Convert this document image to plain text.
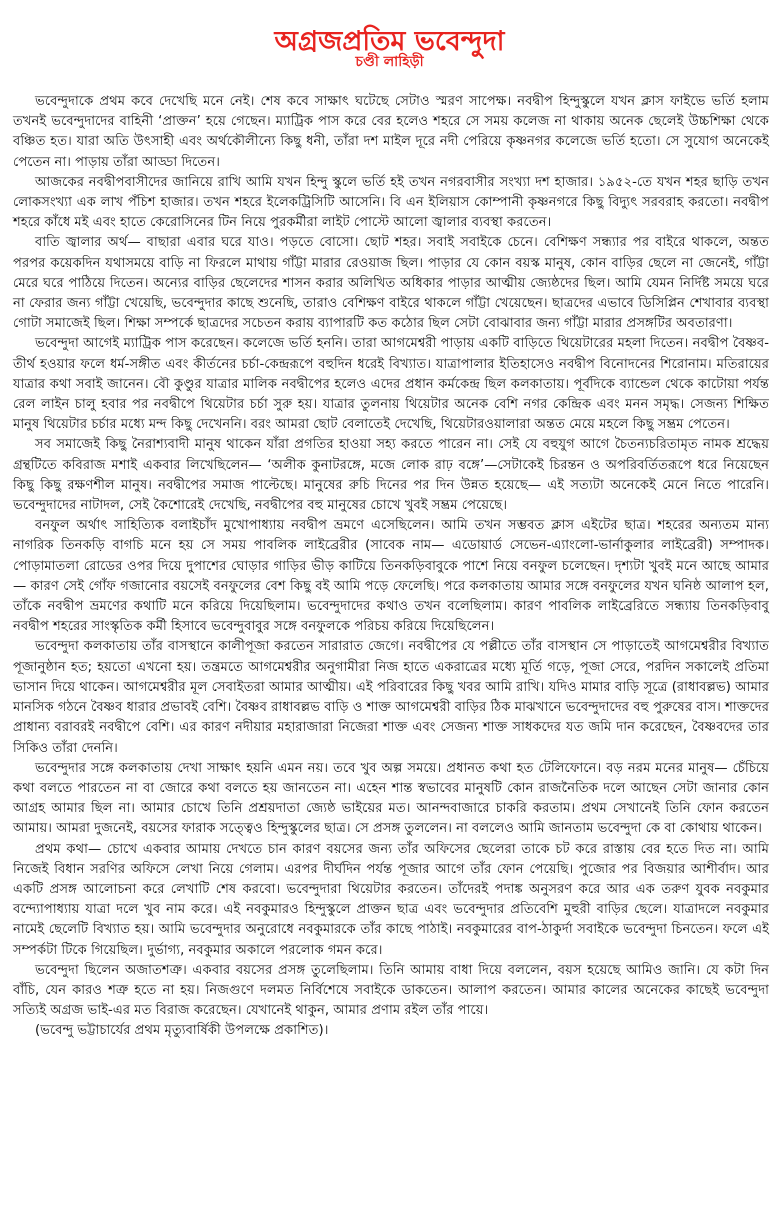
অগ্রজপ্রতিম ভবেন্দুদা
চণ্ডী লাহিড়ী

ভবেন্দুদাকে প্রথম কবে দেখেছি মনে নেই। শেষ কবে সাক্ষাৎ ঘটেছে সেটাও স্মরণ সাপেক্ষ। নবদ্বীপ হিন্দুস্কুলে যখন ক্লাস ফাইভে ভর্তি হলাম তখনই ভবেন্দুদাদের বাহিনী ‘প্রাক্তন’ হয়ে গেছেন। ম্যাট্রিক পাস করে বের হলেও শহরে সে সময় কলেজ না থাকায় অনেক ছেলেই উচ্চশিক্ষা থেকে বঞ্চিত হত। যারা অতি উৎসাহী এবং অর্থকৌলীন্যে কিছু ধনী, তাঁরা দশ মাইল দূরে নদী পেরিয়ে কৃষ্ণনগর কলেজে ভর্তি হতো। সে সুযোগ অনেকেই পেতেন না। পাড়ায় তাঁরা আড্ডা দিতেন।

আজকের নবদ্বীপবাসীদের জানিয়ে রাখি আমি যখন হিন্দু স্কুলে ভর্তি হই তখন নগরবাসীর সংখ্যা দশ হাজার। ১৯৫২-তে যখন শহর ছাড়ি তখন লোকসংখ্যা এক লাখ পঁচিশ হাজার। তখন শহরে ইলেকট্রিসিটি আসেনি। বি এন ইলিয়াস কোম্পানী কৃষ্ণনগরে কিছু বিদ্যুৎ সরবরাহ করতো। নবদ্বীপ শহরে কাঁধে মই এবং হাতে কেরোসিনের টিন নিয়ে পুরকর্মীরা লাইট পোস্টে আলো জ্বালার ব্যবস্থা করতেন।

বাতি জ্বালার অর্থ— বাছারা এবার ঘরে যাও। পড়তে বোসো। ছোট শহর। সবাই সবাইকে চেনে। বেশিক্ষণ সন্ধ্যার পর বাইরে থাকলে, অন্তত পরপর কয়েকদিন যথাসময়ে বাড়ি না ফিরলে মাথায় গাঁট্টা মারার রেওয়াজ ছিল। পাড়ার যে কোন বয়স্ক মানুষ, কোন বাড়ির ছেলে না জেনেই, গাঁট্টা মেরে ঘরে পাঠিয়ে দিতেন। অন্যের বাড়ির ছেলেদের শাসন করার অলিখিত অধিকার পাড়ার আত্মীয় জ্যেষ্ঠদের ছিল। আমি যেমন নির্দিষ্ট সময়ে ঘরে না ফেরার জন্য গাঁট্টা খেয়েছি, ভবেন্দুদার কাছে শুনেছি, তারাও বেশিক্ষণ বাইরে থাকলে গাঁট্টা খেয়েছেন। ছাত্রদের এভাবে ডিসিপ্লিন শেখাবার ব্যবস্থা গোটা সমাজেই ছিল। শিক্ষা সম্পর্কে ছাত্রদের সচেতন করায় ব্যাপারটি কত কঠোর ছিল সেটা বোঝাবার জন্য গাঁট্টা মারার প্রসঙ্গটির অবতারণা।

ভবেন্দুদা আগেই ম্যাট্রিক পাস করেছেন। কলেজে ভর্তি হননি। তারা আগমেশ্বরী পাড়ায় একটি বাড়িতে থিয়েটারের মহলা দিতেন। নবদ্বীপ বৈষ্ণব-তীর্থ হওয়ার ফলে ধর্ম-সঙ্গীত এবং কীর্তনের চর্চা-কেন্দ্ররূপে বহুদিন ধরেই বিখ্যাত। যাত্রাপালার ইতিহাসেও নবদ্বীপ বিনোদনের শিরোনাম। মতিরায়ের যাত্রার কথা সবাই জানেন। বৌ কুণ্ডুর যাত্রার মালিক নবদ্বীপের হলেও এদের প্রধান কর্মকেন্দ্র ছিল কলকাতায়। পূর্বদিকে ব্যান্ডেল থেকে কাটোয়া পর্যন্ত রেল লাইন চালু হবার পর নবদ্বীপে থিয়েটার চর্চা সুরু হয়। যাত্রার তুলনায় থিয়েটার অনেক বেশি নগর কেন্দ্রিক এবং মনন সমৃদ্ধ। সেজন্য শিক্ষিত মানুষ থিয়েটার চর্চার মধ্যে মন্দ কিছু দেখেননি। বরং আমরা ছোট বেলাতেই দেখেছি, থিয়েটারওয়ালারা অন্তত মেয়ে মহলে কিছু সম্ভ্রম পেতেন।

সব সমাজেই কিছু নৈরাশ্যবাদী মানুষ থাকেন যাঁরা প্রগতির হাওয়া সহ্য করতে পারেন না। সেই যে বহুযুগ আগে চৈতন্যচরিতামৃত নামক শ্রদ্ধেয় গ্রন্থটিতে কবিরাজ মশাই একবার লিখেছিলেন— ‘অলীক কুনাটরঙ্গে, মজে লোক রাঢ় বঙ্গে’—সেটাকেই চিরন্তন ও অপরিবর্তিতরূপে ধরে নিয়েছেন কিছু কিছু রক্ষণশীল মানুষ। নবদ্বীপের সমাজ পাল্টেছে। মানুষের রুচি দিনের পর দিন উন্নত হয়েছে— এই সত্যটা অনেকেই মেনে নিতে পারেনি। ভবেন্দুদাদের নাটাদল, সেই কৈশোরেই দেখেছি, নবদ্বীপের বহু মানুষের চোখে খুবই সম্ভ্রম পেয়েছে।

বনফুল অর্থাৎ সাহিত্যিক বলাইচাঁদ মুখোপাধ্যায় নবদ্বীপ ভ্রমণে এসেছিলেন। আমি তখন সম্ভবত ক্লাস এইটের ছাত্র। শহরের অন্যতম মান্য নাগরিক তিনকড়ি বাগচি মনে হয় সে সময় পাবলিক লাইব্রেরীর (সাবেক নাম— এডোয়ার্ড সেভেন-এ্যাংলো-ভার্নাকুলার লাইব্রেরী) সম্পাদক। পোড়ামাতলা রোডের ওপর দিয়ে দুপাশের ঘোড়ার গাড়ির ভীড় কাটিয়ে তিনকড়িবাবুকে পাশে নিয়ে বনফুল চলেছেন। দৃশ্যটা খুবই মনে আছে আমার— কারণ সেই গোঁফ গজানোর বয়সেই বনফুলের বেশ কিছু বই আমি পড়ে ফেলেছি। পরে কলকাতায় আমার সঙ্গে বনফুলের যখন ঘনিষ্ঠ আলাপ হল, তাঁকে নবদ্বীপ ভ্রমণের কথাটি মনে করিয়ে দিয়েছিলাম। ভবেন্দুদাদের কথাও তখন বলেছিলাম। কারণ পাবলিক লাইব্রেরিতে সন্ধ্যায় তিনকড়িবাবু নবদ্বীপ শহরের সাংস্কৃতিক কর্মী হিসাবে ভবেন্দুবাবুর সঙ্গে বনফুলকে পরিচয় করিয়ে দিয়েছিলেন।

ভবেন্দুদা কলকাতায় তাঁর বাসস্থানে কালীপূজা করতেন সারারাত জেগে। নবদ্বীপের যে পল্লীতে তাঁর বাসস্থান সে পাড়াতেই আগমেশ্বরীর বিখ্যাত পূজানুষ্ঠান হত; হয়তো এখনো হয়। তন্ত্রমতে আগমেশ্বরীর অনুগামীরা নিজ হাতে একরাত্রের মধ্যে মূর্তি গড়ে, পূজা সেরে, পরদিন সকালেই প্রতিমা ভাসান দিয়ে থাকেন। আগমেশ্বরীর মূল সেবাইতরা আমার আত্মীয়। এই পরিবারের কিছু খবর আমি রাখি। যদিও মামার বাড়ি সূত্রে (রাধাবল্লভ) আমার মানসিক গঠনে বৈষ্ণব ধারার প্রভাবই বেশি। বৈষ্ণব রাধাবল্লভ বাড়ি ও শাক্ত আগমেশ্বরী বাড়ির ঠিক মাঝখানে ভবেন্দুদাদের বহু পুরুষের বাস। শাক্তদের প্রাধান্য বরাবরই নবদ্বীপে বেশি। এর কারণ নদীয়ার মহারাজারা নিজেরা শাক্ত এবং সেজন্য শাক্ত সাধকদের যত জমি দান করেছেন, বৈষ্ণবদের তার সিকিও তাঁরা দেননি।

ভবেন্দুদার সঙ্গে কলকাতায় দেখা সাক্ষাৎ হয়নি এমন নয়। তবে খুব অল্প সময়ে। প্রধানত কথা হত টেলিফোনে। বড় নরম মনের মানুষ— চেঁচিয়ে কথা বলতে পারতেন না বা জোরে কথা বলতে হয় জানতেন না। এহেন শান্ত স্বভাবের মানুষটি কোন রাজনৈতিক দলে আছেন সেটা জানার কোন আগ্রহ আমার ছিল না। আমার চোখে তিনি প্রশ্রয়দাতা জ্যেষ্ঠ ভাইয়ের মত। আনন্দবাজারে চাকরি করতাম। প্রথম সেখানেই তিনি ফোন করতেন আমায়। আমরা দুজনেই, বয়সের ফারাক সত্ত্বেও হিন্দুস্কুলের ছাত্র। সে প্রসঙ্গ তুললেন। না বললেও আমি জানতাম ভবেন্দুদা কে বা কোথায় থাকেন।

প্রথম কথা— চোখে একবার আমায় দেখতে চান কারণ বয়সের জন্য তাঁর অফিসের ছেলেরা তাকে চট করে রাস্তায় বের হতে দিত না। আমি নিজেই বিধান সরণির অফিসে লেখা নিয়ে গেলাম। এরপর দীর্ঘদিন পর্যন্ত পূজার আগে তাঁর ফোন পেয়েছি। পুজোর পর বিজয়ার আশীর্বাদ। আর একটি প্রসঙ্গ আলোচনা করে লেখাটি শেষ করবো। ভবেন্দুদারা থিয়েটার করতেন। তাঁদেরই পদাঙ্ক অনুসরণ করে আর এক তরুণ যুবক নবকুমার বন্দ্যোপাধ্যায় যাত্রা দলে খুব নাম করে। এই নবকুমারও হিন্দুস্কুলে প্রাক্তন ছাত্র এবং ভবেন্দুদার প্রতিবেশি মুহুরী বাড়ির ছেলে। যাত্রাদলে নবকুমার নামেই ছেলেটি বিখ্যাত হয়। আমি ভবেন্দুদার অনুরোধে নবকুমারকে তাঁর কাছে পাঠাই। নবকুমারের বাপ-ঠাকুর্দা সবাইকে ভবেন্দুদা চিনতেন। ফলে এই সম্পর্কটা টিকে গিয়েছিল। দুর্ভাগ্য, নবকুমার অকালে পরলোক গমন করে।

ভবেন্দুদা ছিলেন অজাতশত্রু। একবার বয়সের প্রসঙ্গ তুলেছিলাম। তিনি আমায় বাধা দিয়ে বললেন, বয়স হয়েছে আমিও জানি। যে কটা দিন বাঁচি, যেন কারও শত্রু হতে না হয়। নিজগুণে দলমত নির্বিশেষে সবাইকে ডাকতেন। আলাপ করতেন। আমার কালের অনেকের কাছেই ভবেন্দুদা সত্যিই অগ্রজ ভাই-এর মত বিরাজ করেছেন। যেখানেই থাকুন, আমার প্রণাম রইল তাঁর পায়ে।

(ভবেন্দু ভট্টাচার্যের প্রথম মৃত্যুবার্ষিকী উপলক্ষে প্রকাশিত)।
